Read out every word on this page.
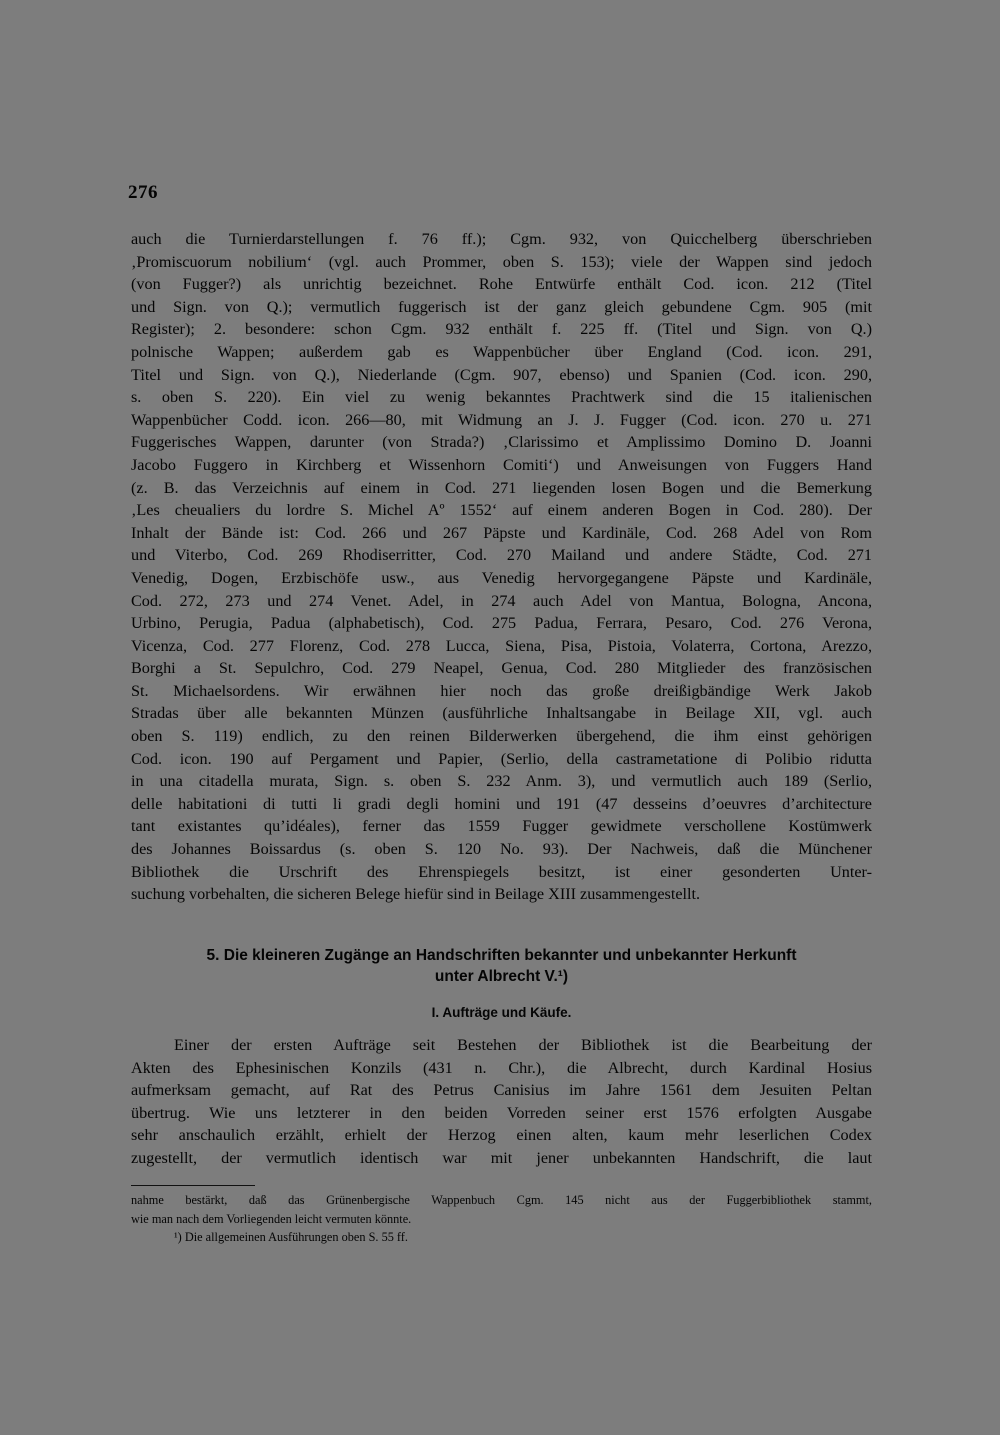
276
auch die Turnierdarstellungen f. 76 ff.); Cgm. 932, von Quicchelberg überschrieben
‚Promiscuorum nobilium‘ (vgl. auch Prommer, oben S. 153); viele der Wappen sind jedoch
(von Fugger?) als unrichtig bezeichnet. Rohe Entwürfe enthält Cod. icon. 212 (Titel
und Sign. von Q.); vermutlich fuggerisch ist der ganz gleich gebundene Cgm. 905 (mit
Register); 2. besondere: schon Cgm. 932 enthält f. 225 ff. (Titel und Sign. von Q.)
polnische Wappen; außerdem gab es Wappenbücher über England (Cod. icon. 291,
Titel und Sign. von Q.), Niederlande (Cgm. 907, ebenso) und Spanien (Cod. icon. 290,
s. oben S. 220). Ein viel zu wenig bekanntes Prachtwerk sind die 15 italienischen
Wappenbücher Codd. icon. 266—80, mit Widmung an J. J. Fugger (Cod. icon. 270 u. 271
Fuggerisches Wappen, darunter (von Strada?) ‚Clarissimo et Amplissimo Domino D. Joanni
Jacobo Fuggero in Kirchberg et Wissenhorn Comiti‘) und Anweisungen von Fuggers Hand
(z. B. das Verzeichnis auf einem in Cod. 271 liegenden losen Bogen und die Bemerkung
‚Les cheualiers du lordre S. Michel Aº 1552‘ auf einem anderen Bogen in Cod. 280). Der
Inhalt der Bände ist: Cod. 266 und 267 Päpste und Kardinäle, Cod. 268 Adel von Rom
und Viterbo, Cod. 269 Rhodiserritter, Cod. 270 Mailand und andere Städte, Cod. 271
Venedig, Dogen, Erzbischöfe usw., aus Venedig hervorgegangene Päpste und Kardinäle,
Cod. 272, 273 und 274 Venet. Adel, in 274 auch Adel von Mantua, Bologna, Ancona,
Urbino, Perugia, Padua (alphabetisch), Cod. 275 Padua, Ferrara, Pesaro, Cod. 276 Verona,
Vicenza, Cod. 277 Florenz, Cod. 278 Lucca, Siena, Pisa, Pistoia, Volaterra, Cortona, Arezzo,
Borghi a St. Sepulchro, Cod. 279 Neapel, Genua, Cod. 280 Mitglieder des französischen
St. Michaelsordens. Wir erwähnen hier noch das große dreißigbändige Werk Jakob
Stradas über alle bekannten Münzen (ausführliche Inhaltsangabe in Beilage XII, vgl. auch
oben S. 119) endlich, zu den reinen Bilderwerken übergehend, die ihm einst gehörigen
Cod. icon. 190 auf Pergament und Papier, (Serlio, della castrametatione di Polibio ridutta
in una citadella murata, Sign. s. oben S. 232 Anm. 3), und vermutlich auch 189 (Serlio,
delle habitationi di tutti li gradi degli homini und 191 (47 desseins d’oeuvres d’architecture
tant existantes qu’idéales), ferner das 1559 Fugger gewidmete verschollene Kostümwerk
des Johannes Boissardus (s. oben S. 120 No. 93). Der Nachweis, daß die Münchener
Bibliothek die Urschrift des Ehrenspiegels besitzt, ist einer gesonderten Unter-
suchung vorbehalten, die sicheren Belege hiefür sind in Beilage XIII zusammengestellt.
5. Die kleineren Zugänge an Handschriften bekannter und unbekannter Herkunft
unter Albrecht V.¹)
I. Aufträge und Käufe.
Einer der ersten Aufträge seit Bestehen der Bibliothek ist die Bearbeitung der
Akten des Ephesinischen Konzils (431 n. Chr.), die Albrecht, durch Kardinal Hosius
aufmerksam gemacht, auf Rat des Petrus Canisius im Jahre 1561 dem Jesuiten Peltan
übertrug. Wie uns letzterer in den beiden Vorreden seiner erst 1576 erfolgten Ausgabe
sehr anschaulich erzählt, erhielt der Herzog einen alten, kaum mehr leserlichen Codex
zugestellt, der vermutlich identisch war mit jener unbekannten Handschrift, die laut
nahme bestärkt, daß das Grünenbergische Wappenbuch Cgm. 145 nicht aus der Fuggerbibliothek stammt,
wie man nach dem Vorliegenden leicht vermuten könnte.
¹) Die allgemeinen Ausführungen oben S. 55 ff.
